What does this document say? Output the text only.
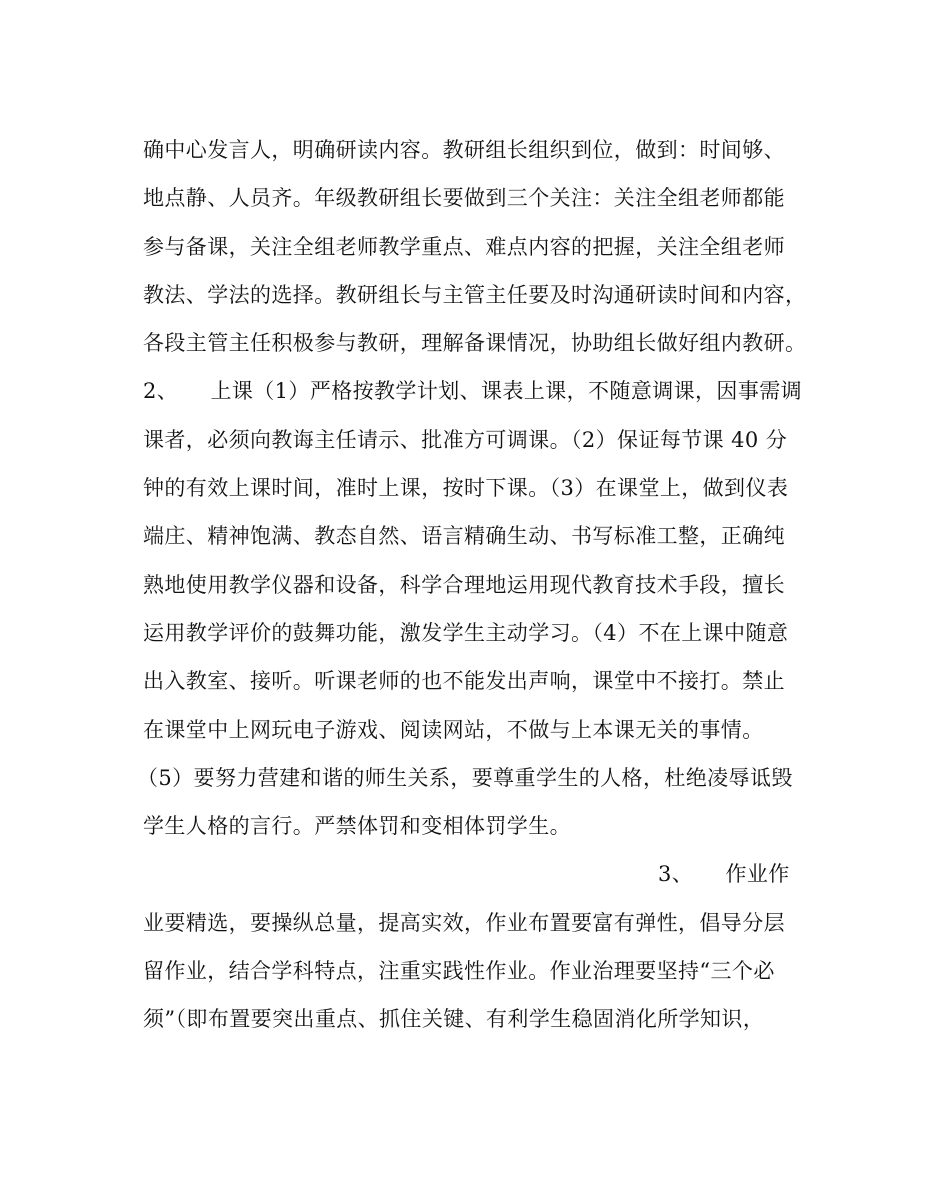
确中心发言人，明确研读内容。教研组长组织到位，做到：时间够、
地点静、人员齐。年级教研组长要做到三个关注：关注全组老师都能
参与备课，关注全组老师教学重点、难点内容的把握，关注全组老师
教法、学法的选择。教研组长与主管主任要及时沟通研读时间和内容，
各段主管主任积极参与教研，理解备课情况，协助组长做好组内教研。
2、　　上课（1）严格按教学计划、课表上课，不随意调课，因事需调
课者，必须向教诲主任请示、批准方可调课。（2）保证每节课 40 分
钟的有效上课时间，准时上课，按时下课。（3）在课堂上，做到仪表
端庄、精神饱满、教态自然、语言精确生动、书写标准工整，正确纯
熟地使用教学仪器和设备，科学合理地运用现代教育技术手段，擅长
运用教学评价的鼓舞功能，激发学生主动学习。（4）不在上课中随意
出入教室、接听。听课老师的也不能发出声响，课堂中不接打。禁止
在课堂中上网玩电子游戏、阅读网站，不做与上本课无关的事情。
（5）要努力营建和谐的师生关系，要尊重学生的人格，杜绝凌辱诋毁
学生人格的言行。严禁体罚和变相体罚学生。
3、　　作业作
业要精选，要操纵总量，提高实效，作业布置要富有弹性，倡导分层
留作业，结合学科特点，注重实践性作业。作业治理要坚持“三个必
须”（即布置要突出重点、抓住关键、有利学生稳固消化所学知识，
